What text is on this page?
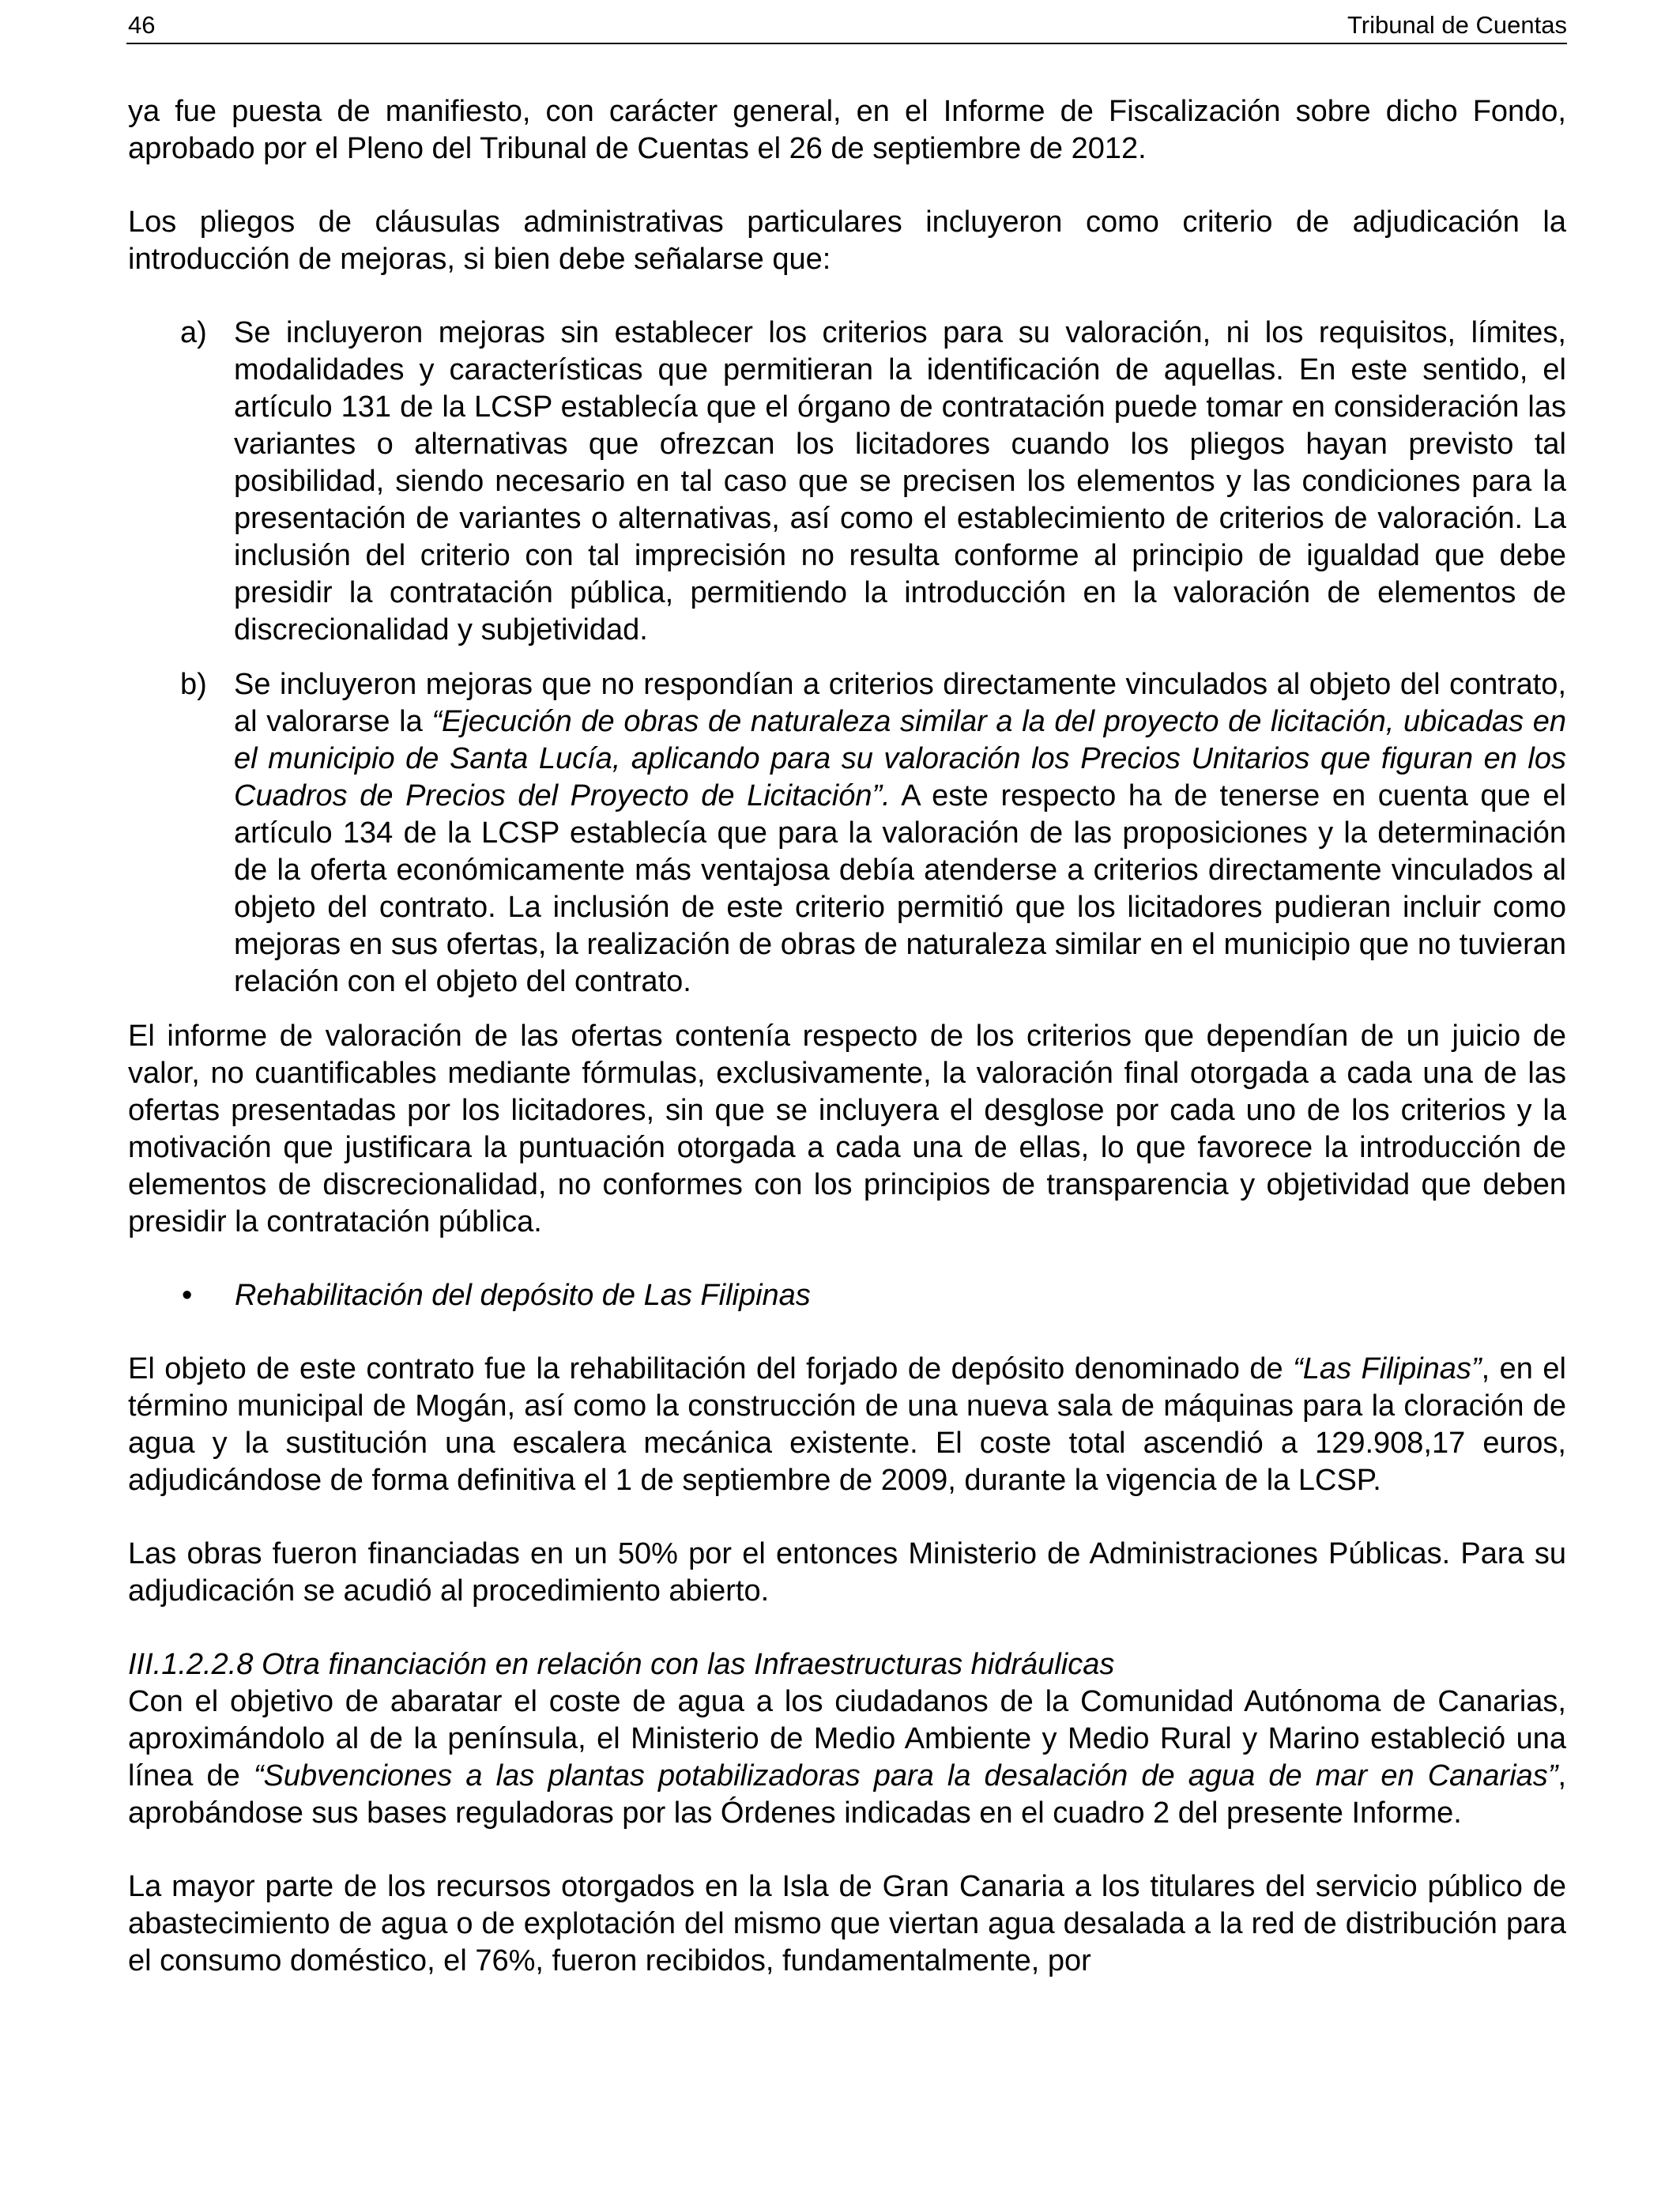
46	Tribunal de Cuentas

ya fue puesta de manifiesto, con carácter general, en el Informe de Fiscalización sobre dicho Fondo, aprobado por el Pleno del Tribunal de Cuentas el 26 de septiembre de 2012.

Los pliegos de cláusulas administrativas particulares incluyeron como criterio de adjudicación la introducción de mejoras, si bien debe señalarse que:

a) Se incluyeron mejoras sin establecer los criterios para su valoración, ni los requisitos, límites, modalidades y características que permitieran la identificación de aquellas. En este sentido, el artículo 131 de la LCSP establecía que el órgano de contratación puede tomar en consideración las variantes o alternativas que ofrezcan los licitadores cuando los pliegos hayan previsto tal posibilidad, siendo necesario en tal caso que se precisen los elementos y las condiciones para la presentación de variantes o alternativas, así como el establecimiento de criterios de valoración. La inclusión del criterio con tal imprecisión no resulta conforme al principio de igualdad que debe presidir la contratación pública, permitiendo la introducción en la valoración de elementos de discrecionalidad y subjetividad.
b) Se incluyeron mejoras que no respondían a criterios directamente vinculados al objeto del contrato, al valorarse la “Ejecución de obras de naturaleza similar a la del proyecto de licitación, ubicadas en el municipio de Santa Lucía, aplicando para su valoración los Precios Unitarios que figuran en los Cuadros de Precios del Proyecto de Licitación”. A este respecto ha de tenerse en cuenta que el artículo 134 de la LCSP establecía que para la valoración de las proposiciones y la determinación de la oferta económicamente más ventajosa debía atenderse a criterios directamente vinculados al objeto del contrato. La inclusión de este criterio permitió que los licitadores pudieran incluir como mejoras en sus ofertas, la realización de obras de naturaleza similar en el municipio que no tuvieran relación con el objeto del contrato.

El informe de valoración de las ofertas contenía respecto de los criterios que dependían de un juicio de valor, no cuantificables mediante fórmulas, exclusivamente, la valoración final otorgada a cada una de las ofertas presentadas por los licitadores, sin que se incluyera el desglose por cada uno de los criterios y la motivación que justificara la puntuación otorgada a cada una de ellas, lo que favorece la introducción de elementos de discrecionalidad, no conformes con los principios de transparencia y objetividad que deben presidir la contratación pública.

• Rehabilitación del depósito de Las Filipinas

El objeto de este contrato fue la rehabilitación del forjado de depósito denominado de “Las Filipinas”, en el término municipal de Mogán, así como la construcción de una nueva sala de máquinas para la cloración de agua y la sustitución una escalera mecánica existente. El coste total ascendió a 129.908,17 euros, adjudicándose de forma definitiva el 1 de septiembre de 2009, durante la vigencia de la LCSP.

Las obras fueron financiadas en un 50% por el entonces Ministerio de Administraciones Públicas. Para su adjudicación se acudió al procedimiento abierto.

III.1.2.2.8 Otra financiación en relación con las Infraestructuras hidráulicas

Con el objetivo de abaratar el coste de agua a los ciudadanos de la Comunidad Autónoma de Canarias, aproximándolo al de la península, el Ministerio de Medio Ambiente y Medio Rural y Marino estableció una línea de “Subvenciones a las plantas potabilizadoras para la desalación de agua de mar en Canarias”, aprobándose sus bases reguladoras por las Órdenes indicadas en el cuadro 2 del presente Informe.

La mayor parte de los recursos otorgados en la Isla de Gran Canaria a los titulares del servicio público de abastecimiento de agua o de explotación del mismo que viertan agua desalada a la red de distribución para el consumo doméstico, el 76%, fueron recibidos, fundamentalmente, por
